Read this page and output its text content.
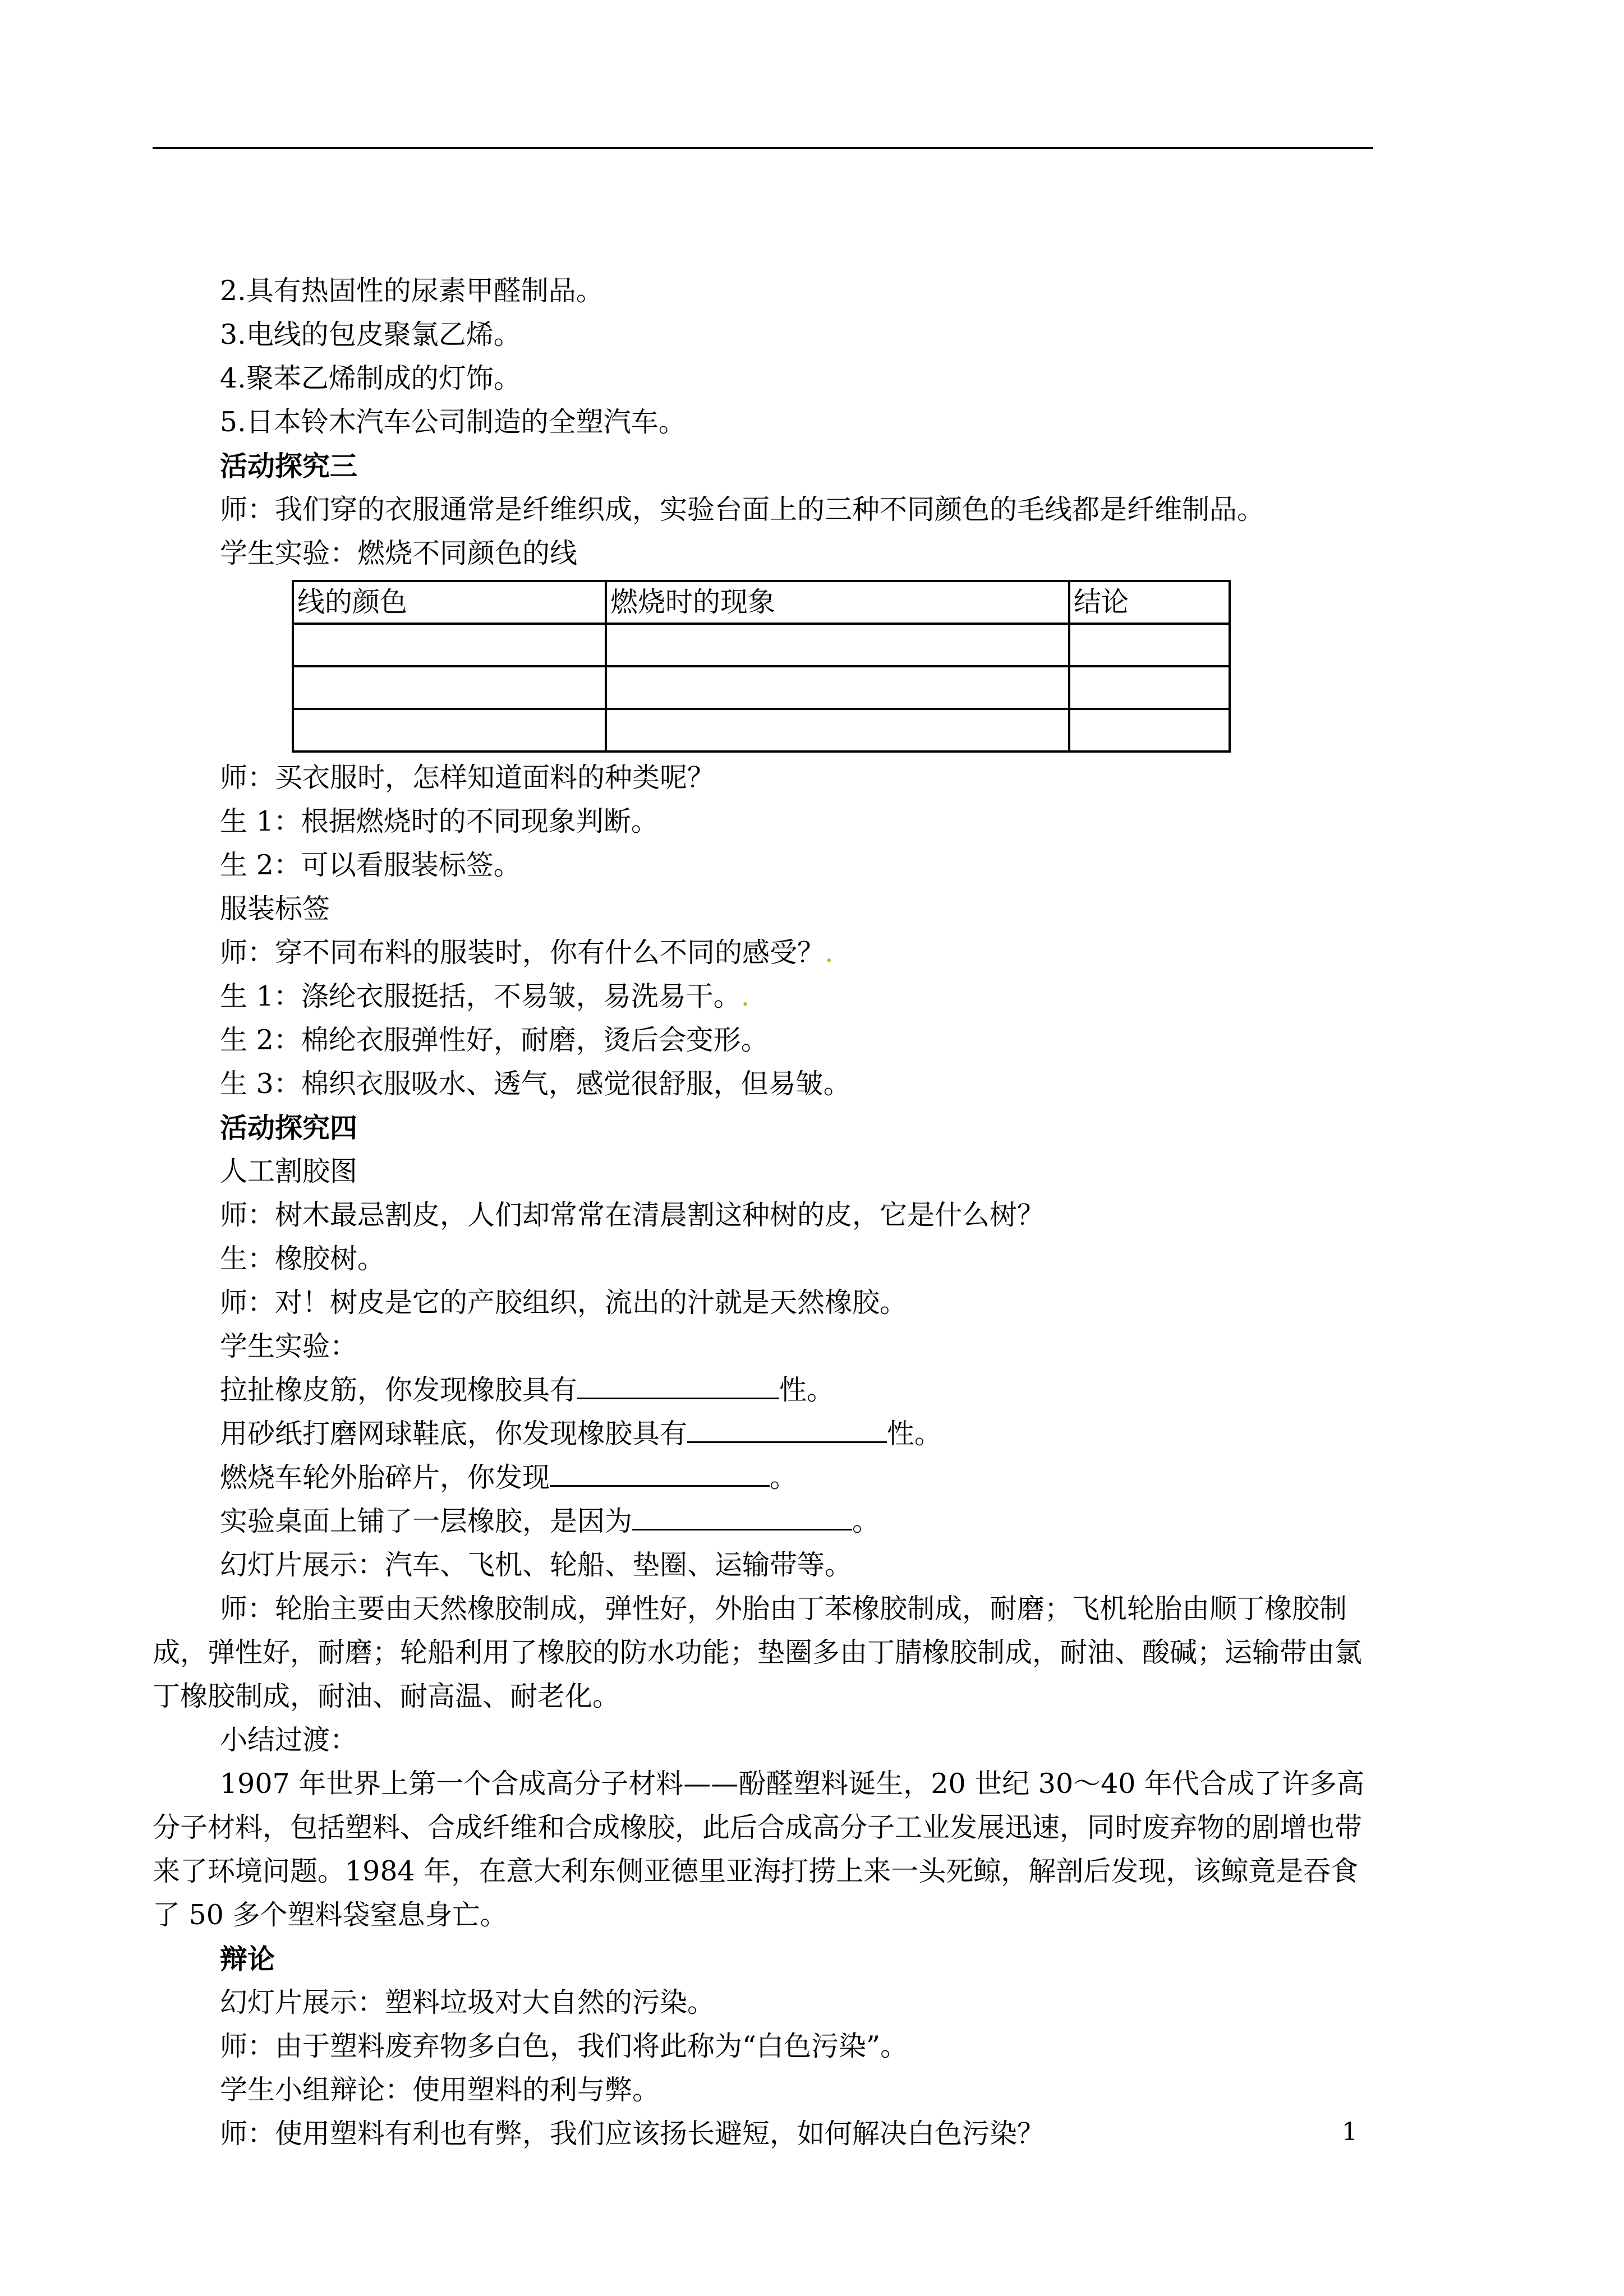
2.具有热固性的尿素甲醛制品。

3.电线的包皮聚氯乙烯。

4.聚苯乙烯制成的灯饰。

5.日本铃木汽车公司制造的全塑汽车。

活动探究三

师：我们穿的衣服通常是纤维织成，实验台面上的三种不同颜色的毛线都是纤维制品。

学生实验：燃烧不同颜色的线

线的颜色	燃烧时的现象	结论

师：买衣服时，怎样知道面料的种类呢？

生 1：根据燃烧时的不同现象判断。

生 2：可以看服装标签。

服装标签

师：穿不同布料的服装时，你有什么不同的感受？.

生 1：涤纶衣服挺括，不易皱，易洗易干。.

生 2：棉纶衣服弹性好，耐磨，烫后会变形。

生 3：棉织衣服吸水、透气，感觉很舒服，但易皱。

活动探究四

人工割胶图

师：树木最忌割皮，人们却常常在清晨割这种树的皮，它是什么树？

生：橡胶树。

师：对！树皮是它的产胶组织，流出的汁就是天然橡胶。

学生实验：

拉扯橡皮筋，你发现橡胶具有	性。

用砂纸打磨网球鞋底，你发现橡胶具有	性。

燃烧车轮外胎碎片，你发现	。

实验桌面上铺了一层橡胶，是因为	。

幻灯片展示：汽车、飞机、轮船、垫圈、运输带等。

师：轮胎主要由天然橡胶制成，弹性好，外胎由丁苯橡胶制成，耐磨；飞机轮胎由顺丁橡胶制成，弹性好，耐磨；轮船利用了橡胶的防水功能；垫圈多由丁腈橡胶制成，耐油、酸碱；运输带由氯丁橡胶制成，耐油、耐高温、耐老化。

小结过渡：

1907 年世界上第一个合成高分子材料——酚醛塑料诞生，20 世纪 30～40 年代合成了许多高分子材料，包括塑料、合成纤维和合成橡胶，此后合成高分子工业发展迅速，同时废弃物的剧增也带来了环境问题。1984 年，在意大利东侧亚德里亚海打捞上来一头死鲸，解剖后发现，该鲸竟是吞食了 50 多个塑料袋窒息身亡。

辩论

幻灯片展示：塑料垃圾对大自然的污染。

师：由于塑料废弃物多白色，我们将此称为“白色污染”。

学生小组辩论：使用塑料的利与弊。

师：使用塑料有利也有弊，我们应该扬长避短，如何解决白色污染？	1
